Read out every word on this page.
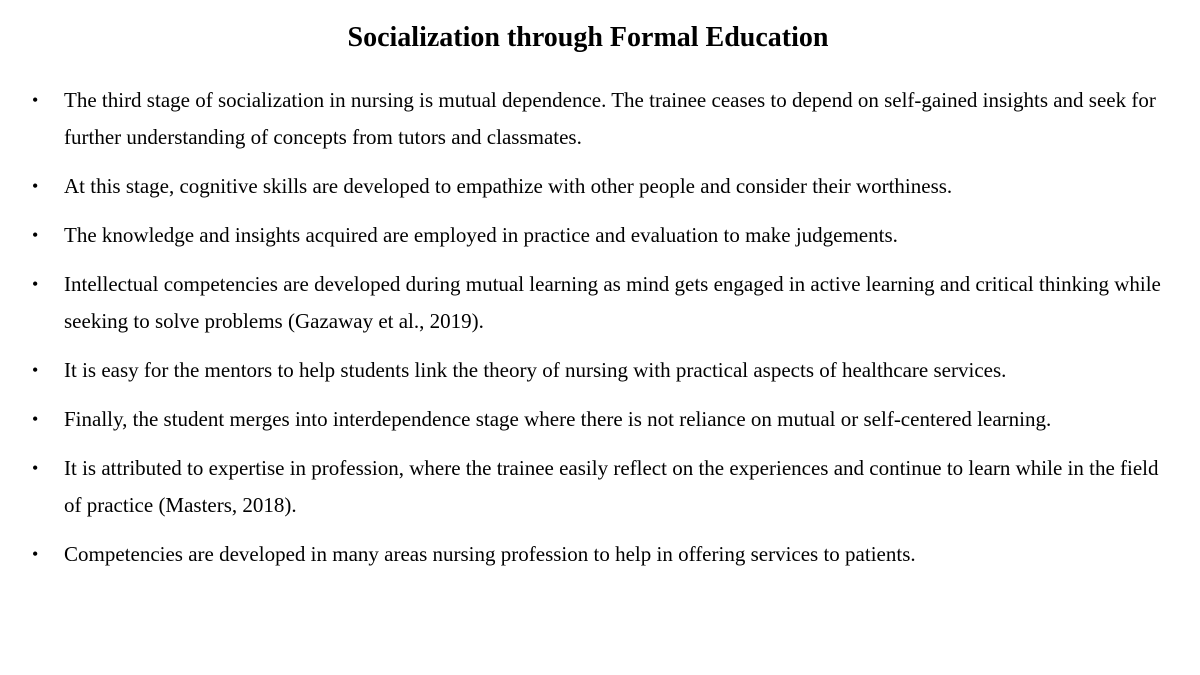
Socialization through Formal Education
•	The third stage of socialization in nursing is mutual dependence. The trainee ceases to depend on self-gained insights and seek for further understanding of concepts from tutors and classmates.

•	At this stage, cognitive skills are developed to empathize with other people and consider their worthiness.

•	The knowledge and insights acquired are employed in practice and evaluation to make judgements.

•	Intellectual competencies are developed during mutual learning as mind gets engaged in active learning and critical thinking while seeking to solve problems (Gazaway et al., 2019).

•	It is easy for the mentors to help students link the theory of nursing with practical aspects of healthcare services.

•	Finally, the student merges into interdependence stage where there is not reliance on mutual or self-centered learning.

•	It is attributed to expertise in profession, where the trainee easily reflect on the experiences and continue to learn while in the field of practice (Masters, 2018).

•	Competencies are developed in many areas nursing profession to help in offering services to patients.
